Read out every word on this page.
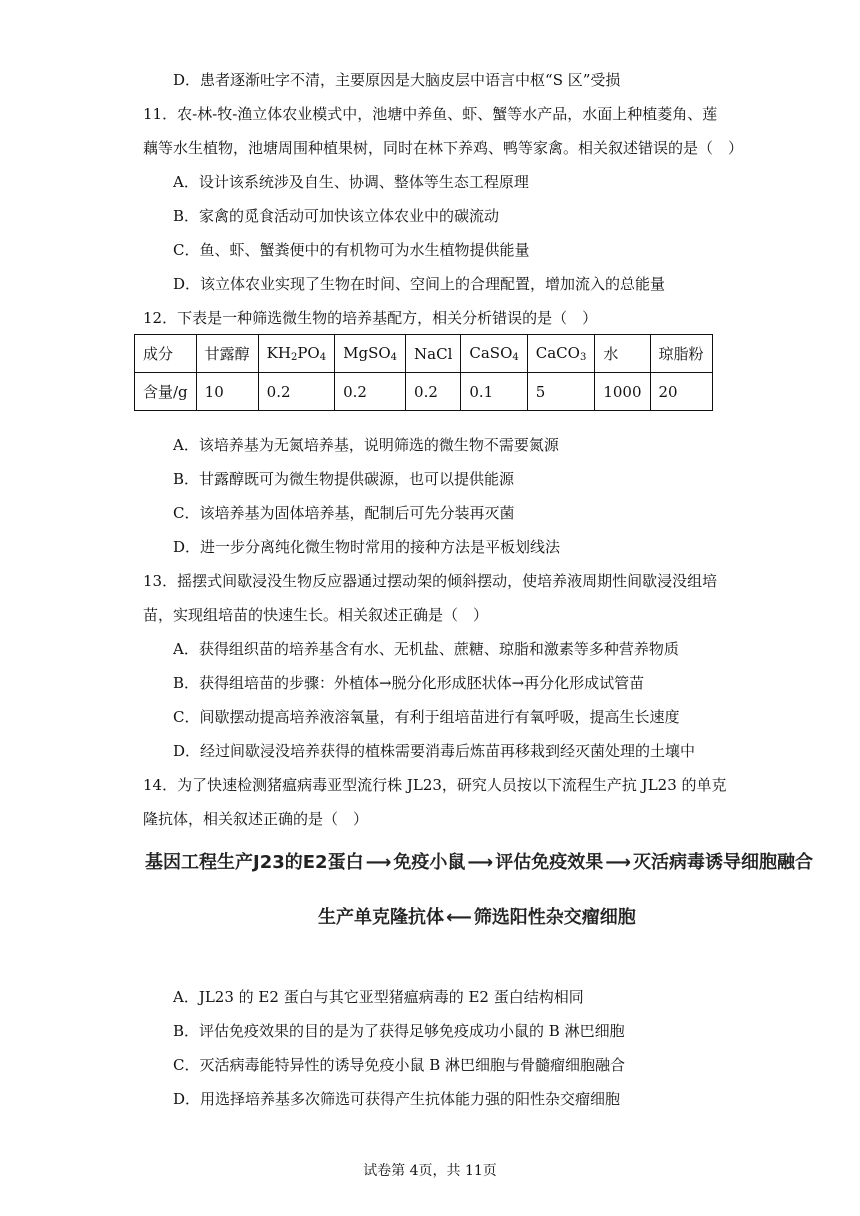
D．患者逐渐吐字不清，主要原因是大脑皮层中语言中枢“S 区”受损
11．农-林-牧-渔立体农业模式中，池塘中养鱼、虾、蟹等水产品，水面上种植菱角、莲
藕等水生植物，池塘周围种植果树，同时在林下养鸡、鸭等家禽。相关叙述错误的是（　）
A．设计该系统涉及自生、协调、整体等生态工程原理
B．家禽的觅食活动可加快该立体农业中的碳流动
C．鱼、虾、蟹粪便中的有机物可为水生植物提供能量
D．该立体农业实现了生物在时间、空间上的合理配置，增加流入的总能量
12．下表是一种筛选微生物的培养基配方，相关分析错误的是（　）
成分	甘露醇	$KH_2PO_4$	MgSO$_4$	NaCl	CaSO$_4$	CaCO$_3$	水	琼脂粉
含量/g	10	0.2	0.2	0.2	0.1	5	1000	20
A．该培养基为无氮培养基，说明筛选的微生物不需要氮源
B．甘露醇既可为微生物提供碳源，也可以提供能源
C．该培养基为固体培养基，配制后可先分装再灭菌
D．进一步分离纯化微生物时常用的接种方法是平板划线法
13．摇摆式间歇浸没生物反应器通过摆动架的倾斜摆动，使培养液周期性间歇浸没组培
苗，实现组培苗的快速生长。相关叙述正确是（　）
A．获得组织苗的培养基含有水、无机盐、蔗糖、琼脂和激素等多种营养物质
B．获得组培苗的步骤：外植体→脱分化形成胚状体→再分化形成试管苗
C．间歇摆动提高培养液溶氧量，有利于组培苗进行有氧呼吸，提高生长速度
D．经过间歇浸没培养获得的植株需要消毒后炼苗再移栽到经灭菌处理的土壤中
14．为了快速检测猪瘟病毒亚型流行株 JL23，研究人员按以下流程生产抗 JL23 的单克
隆抗体，相关叙述正确的是（　）
基因工程生产J23的E2蛋白 ⟶ 免疫小鼠 ⟶ 评估免疫效果 ⟶ 灭活病毒诱导细胞融合
生产单克隆抗体 ⟵ 筛选阳性杂交瘤细胞
A．JL23 的 E2 蛋白与其它亚型猪瘟病毒的 E2 蛋白结构相同
B．评估免疫效果的目的是为了获得足够免疫成功小鼠的 B 淋巴细胞
C．灭活病毒能特异性的诱导免疫小鼠 B 淋巴细胞与骨髓瘤细胞融合
D．用选择培养基多次筛选可获得产生抗体能力强的阳性杂交瘤细胞
试卷第 4页，共 11页
